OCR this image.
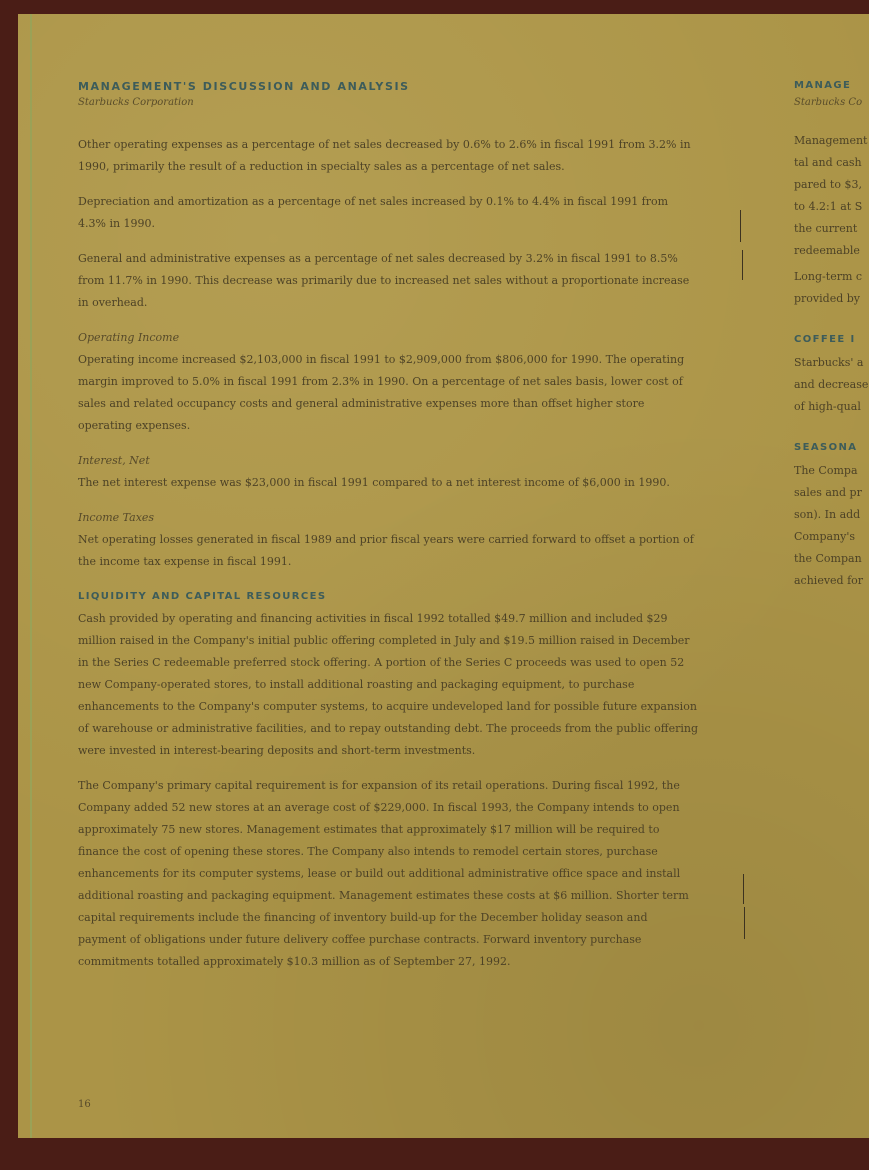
MANAGEMENT'S DISCUSSION AND ANALYSIS
Starbucks Corporation

Other operating expenses as a percentage of net sales decreased by 0.6% to 2.6% in fiscal 1991 from 3.2% in 1990, primarily the result of a reduction in specialty sales as a percentage of net sales.

Depreciation and amortization as a percentage of net sales increased by 0.1% to 4.4% in fiscal 1991 from 4.3% in 1990.

General and administrative expenses as a percentage of net sales decreased by 3.2% in fiscal 1991 to 8.5% from 11.7% in 1990. This decrease was primarily due to increased net sales without a proportionate increase in overhead.

Operating Income

Operating income increased $2,103,000 in fiscal 1991 to $2,909,000 from $806,000 for 1990. The operating margin improved to 5.0% in fiscal 1991 from 2.3% in 1990. On a percentage of net sales basis, lower cost of sales and related occupancy costs and general administrative expenses more than offset higher store operating expenses.

Interest, Net

The net interest expense was $23,000 in fiscal 1991 compared to a net interest income of $6,000 in 1990.

Income Taxes

Net operating losses generated in fiscal 1989 and prior fiscal years were carried forward to offset a portion of the income tax expense in fiscal 1991.

LIQUIDITY AND CAPITAL RESOURCES

Cash provided by operating and financing activities in fiscal 1992 totalled $49.7 million and included $29 million raised in the Company's initial public offering completed in July and $19.5 million raised in December in the Series C redeemable preferred stock offering. A portion of the Series C proceeds was used to open 52 new Company-operated stores, to install additional roasting and packaging equipment, to purchase enhancements to the Company's computer systems, to acquire undeveloped land for possible future expansion of warehouse or administrative facilities, and to repay outstanding debt. The proceeds from the public offering were invested in interest-bearing deposits and short-term investments.

The Company's primary capital requirement is for expansion of its retail operations. During fiscal 1992, the Company added 52 new stores at an average cost of $229,000. In fiscal 1993, the Company intends to open approximately 75 new stores. Management estimates that approximately $17 million will be required to finance the cost of opening these stores. The Company also intends to remodel certain stores, purchase enhancements for its computer systems, lease or build out additional administrative office space and install additional roasting and packaging equipment. Management estimates these costs at $6 million. Shorter term capital requirements include the financing of inventory build-up for the December holiday season and payment of obligations under future delivery coffee purchase contracts. Forward inventory purchase commitments totalled approximately $10.3 million as of September 27, 1992.

16
MANAGE
Starbucks Co
Management
tal and cash
pared to $3,
to 4.2:1 at S
the current
redeemable
Long-term c
provided by
COFFEE I
Starbucks' a
and decrease
of high-qual
SEASONA
The Compa
sales and pr
son). In add
Company's
the Compan
achieved for
